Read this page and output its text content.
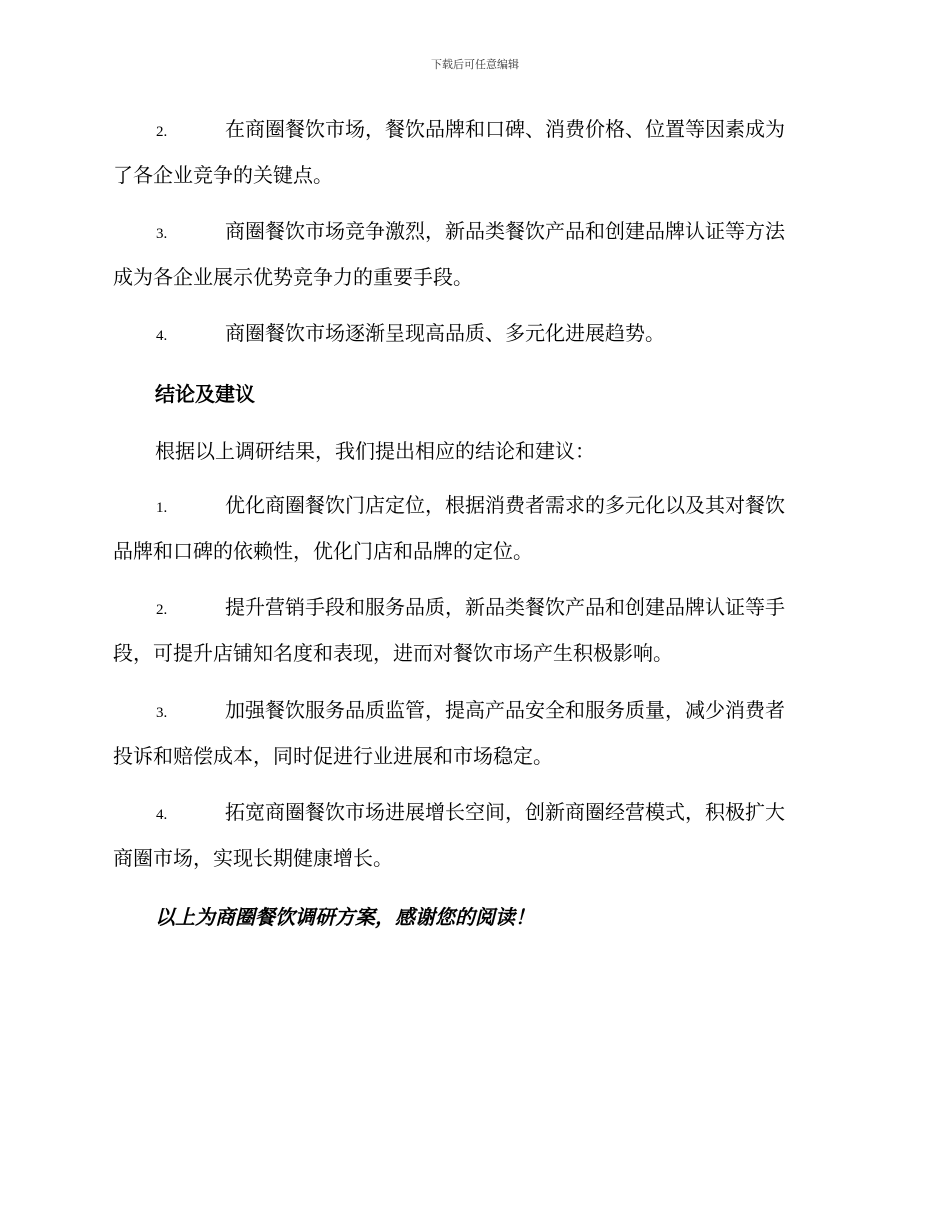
下载后可任意编辑
2.	在商圈餐饮市场，餐饮品牌和口碑、消费价格、位置等因素成为
了各企业竞争的关键点。
3.	商圈餐饮市场竞争激烈，新品类餐饮产品和创建品牌认证等方法
成为各企业展示优势竞争力的重要手段。
4.	商圈餐饮市场逐渐呈现高品质、多元化进展趋势。
结论及建议
根据以上调研结果，我们提出相应的结论和建议：
1.	优化商圈餐饮门店定位，根据消费者需求的多元化以及其对餐饮
品牌和口碑的依赖性，优化门店和品牌的定位。
2.	提升营销手段和服务品质，新品类餐饮产品和创建品牌认证等手
段，可提升店铺知名度和表现，进而对餐饮市场产生积极影响。
3.	加强餐饮服务品质监管，提高产品安全和服务质量，减少消费者
投诉和赔偿成本，同时促进行业进展和市场稳定。
4.	拓宽商圈餐饮市场进展增长空间，创新商圈经营模式，积极扩大
商圈市场，实现长期健康增长。
以上为商圈餐饮调研方案，感谢您的阅读！
